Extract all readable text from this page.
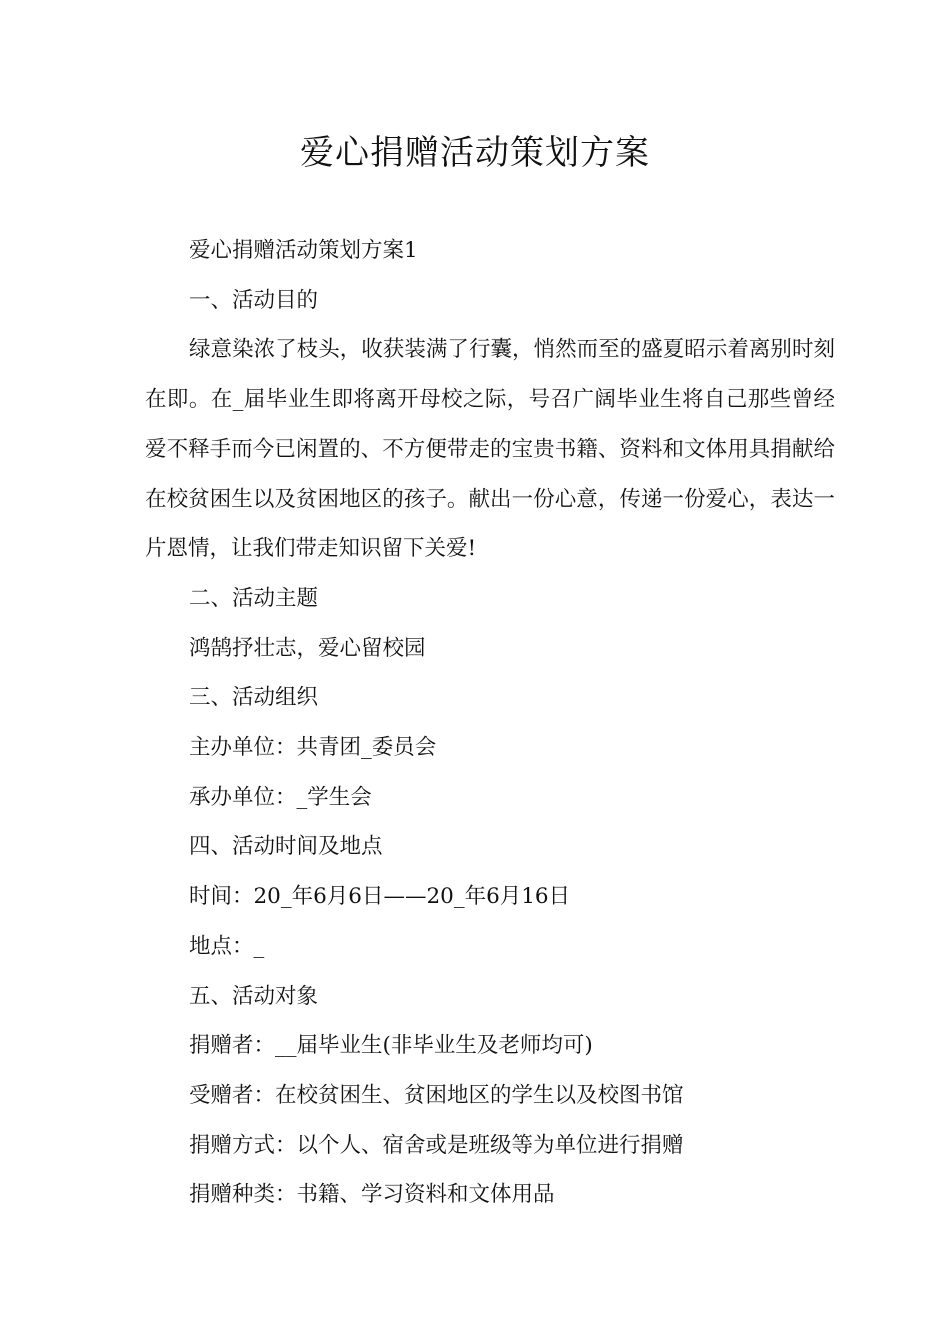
爱心捐赠活动策划方案

爱心捐赠活动策划方案1

一、活动目的

绿意染浓了枝头，收获装满了行囊，悄然而至的盛夏昭示着离别时刻在即。在_届毕业生即将离开母校之际，号召广阔毕业生将自己那些曾经爱不释手而今已闲置的、不方便带走的宝贵书籍、资料和文体用具捐献给在校贫困生以及贫困地区的孩子。献出一份心意，传递一份爱心，表达一片恩情，让我们带走知识留下关爱!

二、活动主题

鸿鹄抒壮志，爱心留校园

三、活动组织

主办单位：共青团_委员会

承办单位：_学生会

四、活动时间及地点

时间：20_年6月6日——20_年6月16日

地点：_

五、活动对象

捐赠者：__届毕业生(非毕业生及老师均可)

受赠者：在校贫困生、贫困地区的学生以及校图书馆

捐赠方式：以个人、宿舍或是班级等为单位进行捐赠

捐赠种类：书籍、学习资料和文体用品
